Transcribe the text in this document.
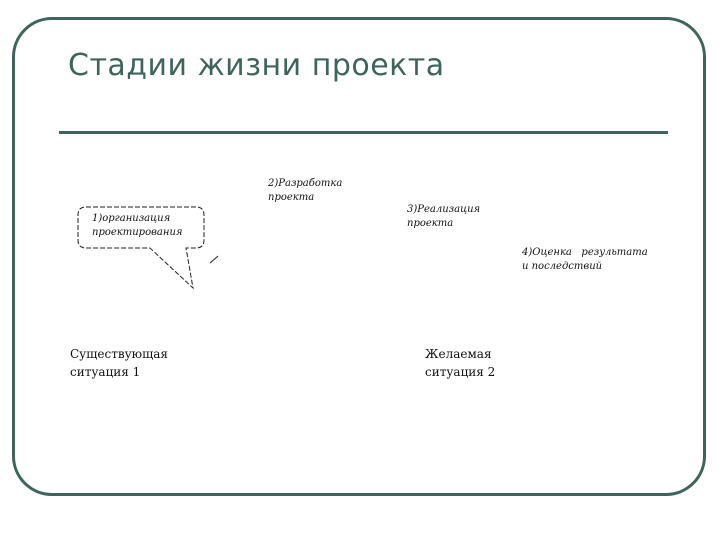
Стадии жизни проекта
1)организация
проектирования
2)Разработка
проекта
3)Реализация
проекта
4)Оценка   результата
и последствий
Существующая
ситуация 1
Желаемая
ситуация 2
